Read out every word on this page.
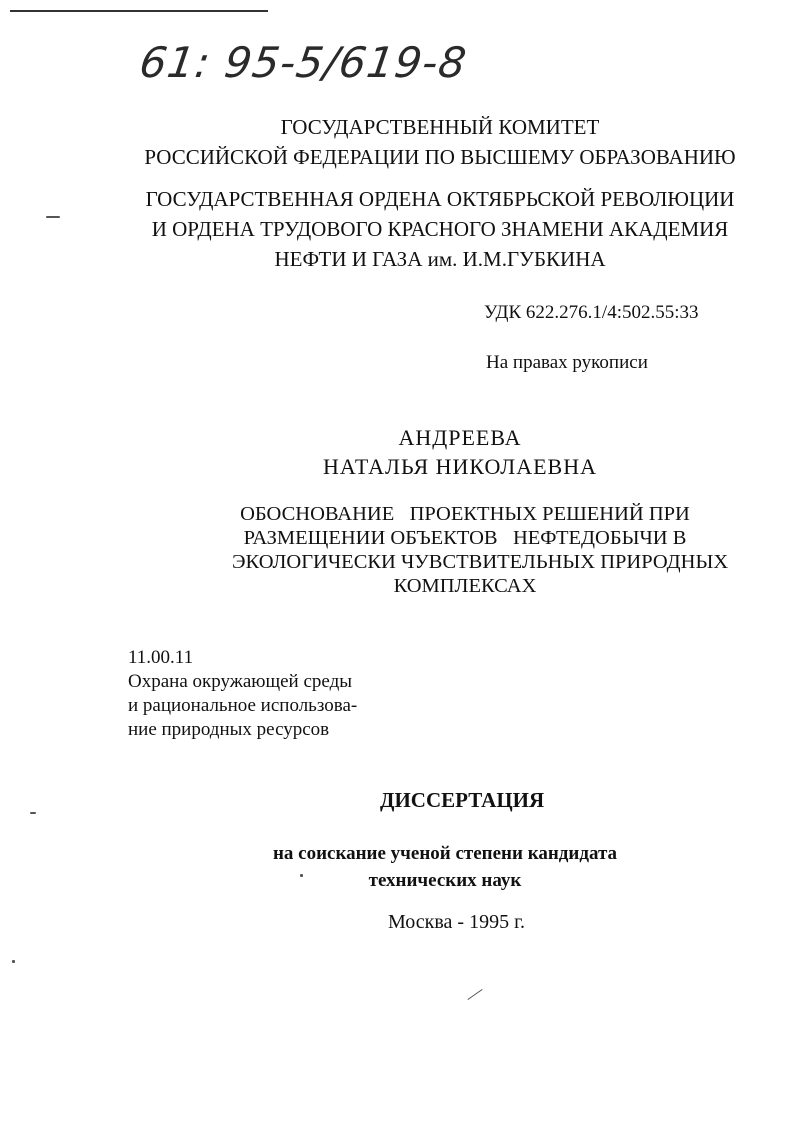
61: 95-5/619-8
ГОСУДАРСТВЕННЫЙ КОМИТЕТ
РОССИЙСКОЙ ФЕДЕРАЦИИ ПО ВЫСШЕМУ ОБРАЗОВАНИЮ
ГОСУДАРСТВЕННАЯ ОРДЕНА ОКТЯБРЬСКОЙ РЕВОЛЮЦИИ
И ОРДЕНА ТРУДОВОГО КРАСНОГО ЗНАМЕНИ АКАДЕМИЯ
НЕФТИ И ГАЗА им. И.М.ГУБКИНА
УДК 622.276.1/4:502.55:33
На правах рукописи
АНДРЕЕВА
НАТАЛЬЯ НИКОЛАЕВНА
ОБОСНОВАНИЕ   ПРОЕКТНЫХ РЕШЕНИЙ ПРИ
РАЗМЕЩЕНИИ ОБЪЕКТОВ   НЕФТЕДОБЫЧИ В
ЭКОЛОГИЧЕСКИ ЧУВСТВИТЕЛЬНЫХ ПРИРОДНЫХ
КОМПЛЕКСАХ
11.00.11
Охрана окружающей среды
и рациональное использова-
ние природных ресурсов
ДИССЕРТАЦИЯ
на соискание ученой степени кандидата
технических наук
Москва - 1995 г.
